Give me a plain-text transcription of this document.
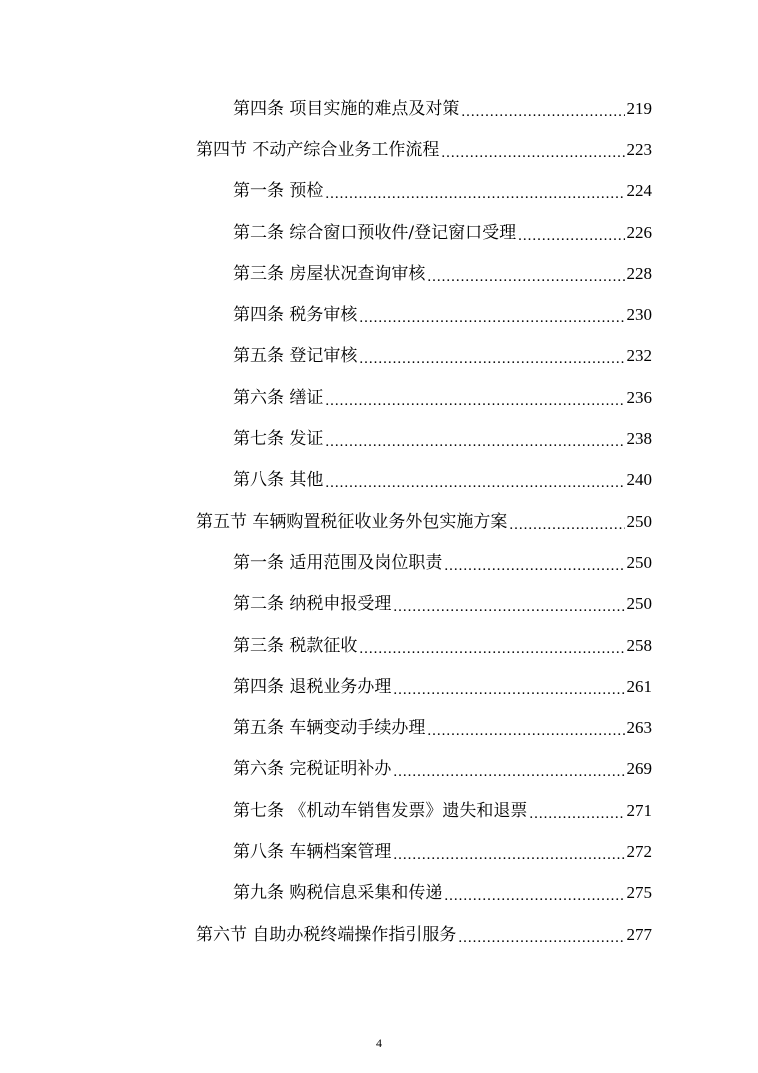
第四条 项目实施的难点及对策 .....	219
第四节 不动产综合业务工作流程 .....	223
第一条 预检 .....	224
第二条 综合窗口预收件/登记窗口受理 .....	226
第三条 房屋状况查询审核 .....	228
第四条 税务审核 .....	230
第五条 登记审核 .....	232
第六条 缮证 .....	236
第七条 发证 .....	238
第八条 其他 .....	240
第五节 车辆购置税征收业务外包实施方案 .....	250
第一条 适用范围及岗位职责 .....	250
第二条 纳税申报受理 .....	250
第三条 税款征收 .....	258
第四条 退税业务办理 .....	261
第五条 车辆变动手续办理 .....	263
第六条 完税证明补办 .....	269
第七条 《机动车销售发票》遗失和退票 .....	271
第八条 车辆档案管理 .....	272
第九条 购税信息采集和传递 .....	275
第六节 自助办税终端操作指引服务 .....	277
4
